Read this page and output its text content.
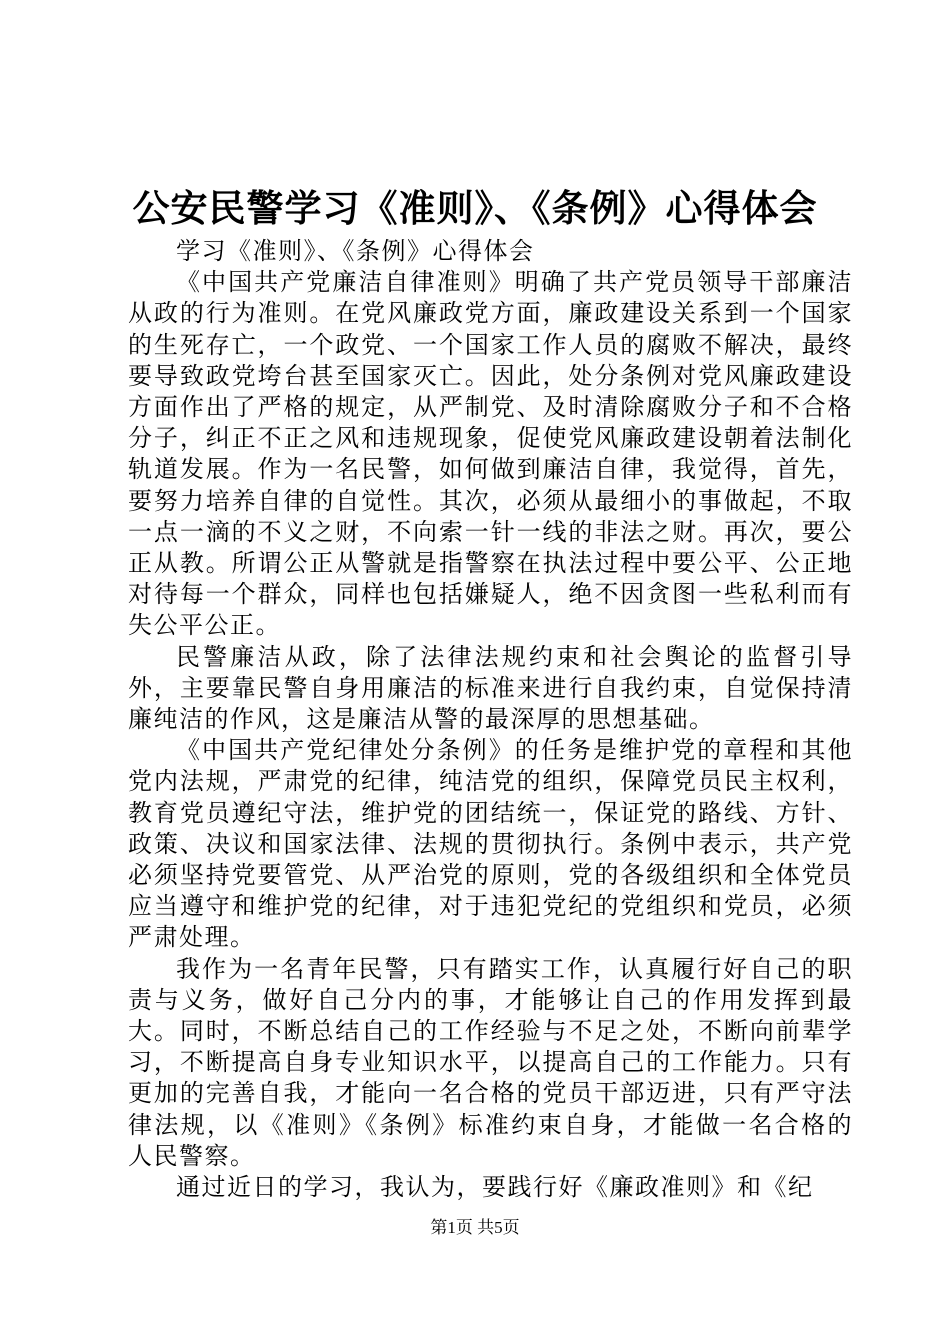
公安民警学习《准则》、《条例》心得体会
学习《准则》、《条例》心得体会

《中国共产党廉洁自律准则》明确了共产党员领导干部廉洁从政的行为准则。在党风廉政党方面，廉政建设关系到一个国家的生死存亡，一个政党、一个国家工作人员的腐败不解决，最终要导致政党垮台甚至国家灭亡。因此，处分条例对党风廉政建设方面作出了严格的规定，从严制党、及时清除腐败分子和不合格分子，纠正不正之风和违规现象，促使党风廉政建设朝着法制化轨道发展。作为一名民警，如何做到廉洁自律，我觉得，首先，要努力培养自律的自觉性。其次，必须从最细小的事做起，不取一点一滴的不义之财，不向索一针一线的非法之财。再次，要公正从教。所谓公正从警就是指警察在执法过程中要公平、公正地对待每一个群众，同样也包括嫌疑人，绝不因贪图一些私利而有失公平公正。

民警廉洁从政，除了法律法规约束和社会舆论的监督引导外，主要靠民警自身用廉洁的标准来进行自我约束，自觉保持清廉纯洁的作风，这是廉洁从警的最深厚的思想基础。

《中国共产党纪律处分条例》的任务是维护党的章程和其他党内法规，严肃党的纪律，纯洁党的组织，保障党员民主权利，教育党员遵纪守法，维护党的团结统一，保证党的路线、方针、政策、决议和国家法律、法规的贯彻执行。条例中表示，共产党必须坚持党要管党、从严治党的原则，党的各级组织和全体党员应当遵守和维护党的纪律，对于违犯党纪的党组织和党员，必须严肃处理。

我作为一名青年民警，只有踏实工作，认真履行好自己的职责与义务，做好自己分内的事，才能够让自己的作用发挥到最大。同时，不断总结自己的工作经验与不足之处，不断向前辈学习，不断提高自身专业知识水平，以提高自己的工作能力。只有更加的完善自我，才能向一名合格的党员干部迈进，只有严守法律法规，以《准则》《条例》标准约束自身，才能做一名合格的人民警察。

通过近日的学习，我认为，要践行好《廉政准则》和《纪

第1页 共5页
